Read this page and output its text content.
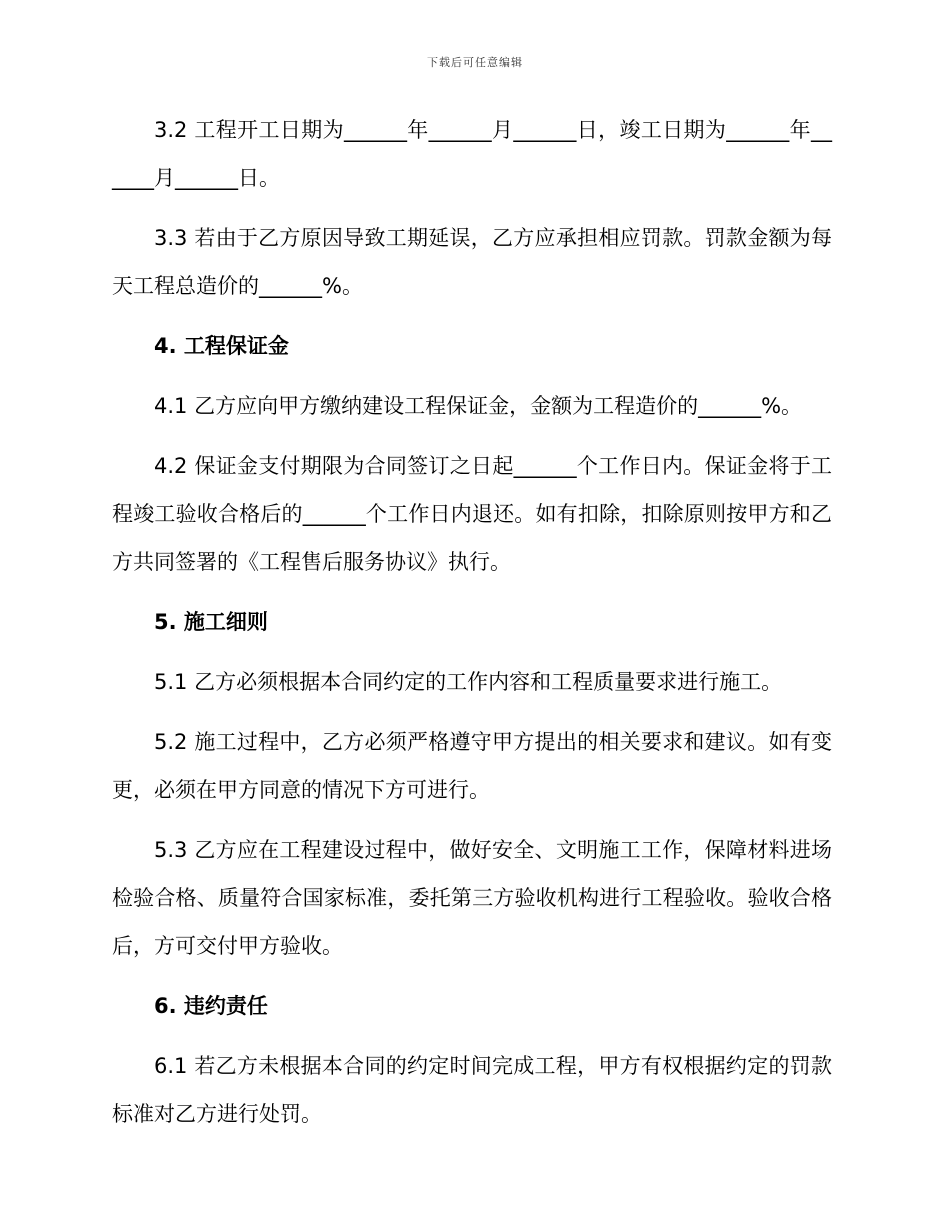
下载后可任意编辑

3.2 工程开工日期为______年______月______日，竣工日期为______年______月______日。

3.3 若由于乙方原因导致工期延误，乙方应承担相应罚款。罚款金额为每天工程总造价的______%。

4. 工程保证金

4.1 乙方应向甲方缴纳建设工程保证金，金额为工程造价的______%。

4.2 保证金支付期限为合同签订之日起______个工作日内。保证金将于工程竣工验收合格后的______个工作日内退还。如有扣除，扣除原则按甲方和乙方共同签署的《工程售后服务协议》执行。

5. 施工细则

5.1 乙方必须根据本合同约定的工作内容和工程质量要求进行施工。

5.2 施工过程中，乙方必须严格遵守甲方提出的相关要求和建议。如有变更，必须在甲方同意的情况下方可进行。

5.3 乙方应在工程建设过程中，做好安全、文明施工工作，保障材料进场检验合格、质量符合国家标准，委托第三方验收机构进行工程验收。验收合格后，方可交付甲方验收。

6. 违约责任

6.1 若乙方未根据本合同的约定时间完成工程，甲方有权根据约定的罚款标准对乙方进行处罚。
